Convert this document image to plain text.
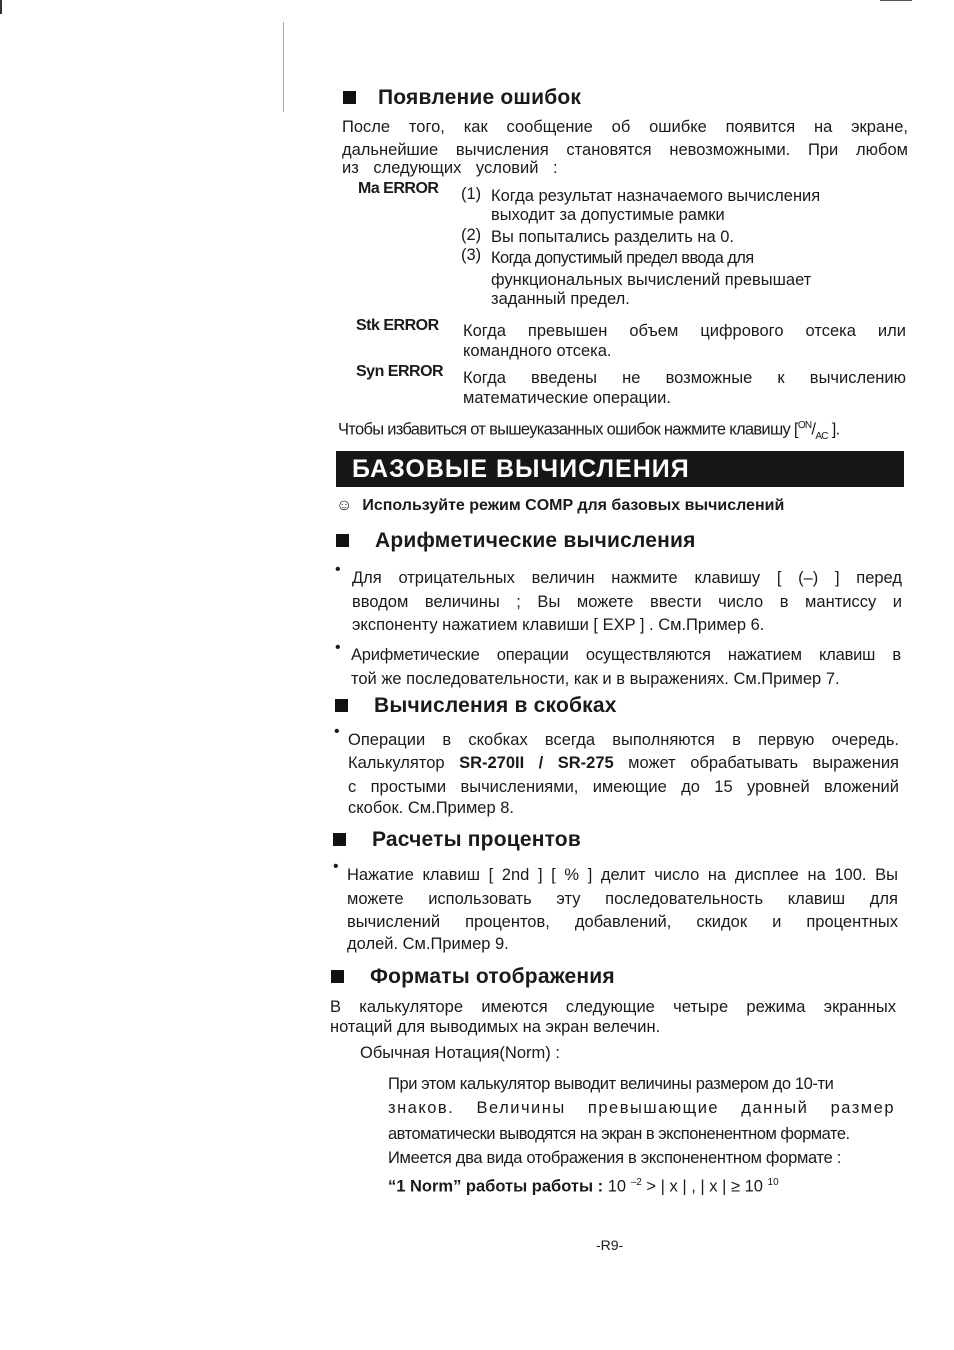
Появление ошибок
После того, как сообщение об ошибке появится на экране,
дальнейшие вычисления становятся невозможными. При любом
из следующих условий :
Ma ERROR (1) Когда результат назначаемого вычисления
выходит за допустимые рамки
(2) Вы попытались разделить на 0.
(3) Когда допустимый предел ввода для
функциональных вычислений превышает
заданный предел.
Stk ERROR Когда превышен объем цифрового отсека или
командного отсека.
Syn ERROR Когда введены не возможные к вычислению
математические операции.
Чтобы избавиться от вышеуказанных ошибок нажмите клавишу [$^{ON}/_{AC}$ ].
БАЗОВЫЕ ВЫЧИСЛЕНИЯ
☺ Используйте режим COMP для базовых вычислений
Арифметические вычисления
• Для отрицательных величин нажмите клавишу [ (–) ] перед
вводом величины ; Вы можете ввести число в мантиссу и
экспоненту нажатием клавиши [ EXP ] . См.Пример 6.
• Арифметические операции осуществляются нажатием клавиш в
той же последовательности, как и в выражениях. См.Пример 7.
Вычисления в скобках
• Операции в скобках всегда выполняются в первую очередь.
Калькулятор SR-270II / SR-275 может обрабатывать выражения
с простыми вычислениями, имеющие до 15 уровней вложений
скобок. См.Пример 8.
Расчеты процентов
• Нажатие клавиш [ 2nd ] [ % ] делит число на дисплее на 100. Вы
можете использовать эту последовательность клавиш для
вычислений процентов, добавлений, скидок и процентных
долей. См.Пример 9.
Форматы отображения
В калькуляторе имеются следующие четыре режима экранных
нотаций для выводимых на экран велечин.
Обычная Нотация(Norm) :
При этом калькулятор выводит величины размером до 10-ти
знаков. Величины превышающие данный размер
автоматически выводятся на экран в экспоненентном формате.
Имеется два вида отображения в экспоненентном формате :
“1 Norm” работы работы : 10 $^{-2}$ > | x | , | x | ≥ 10 $^{10}$
-R9-
